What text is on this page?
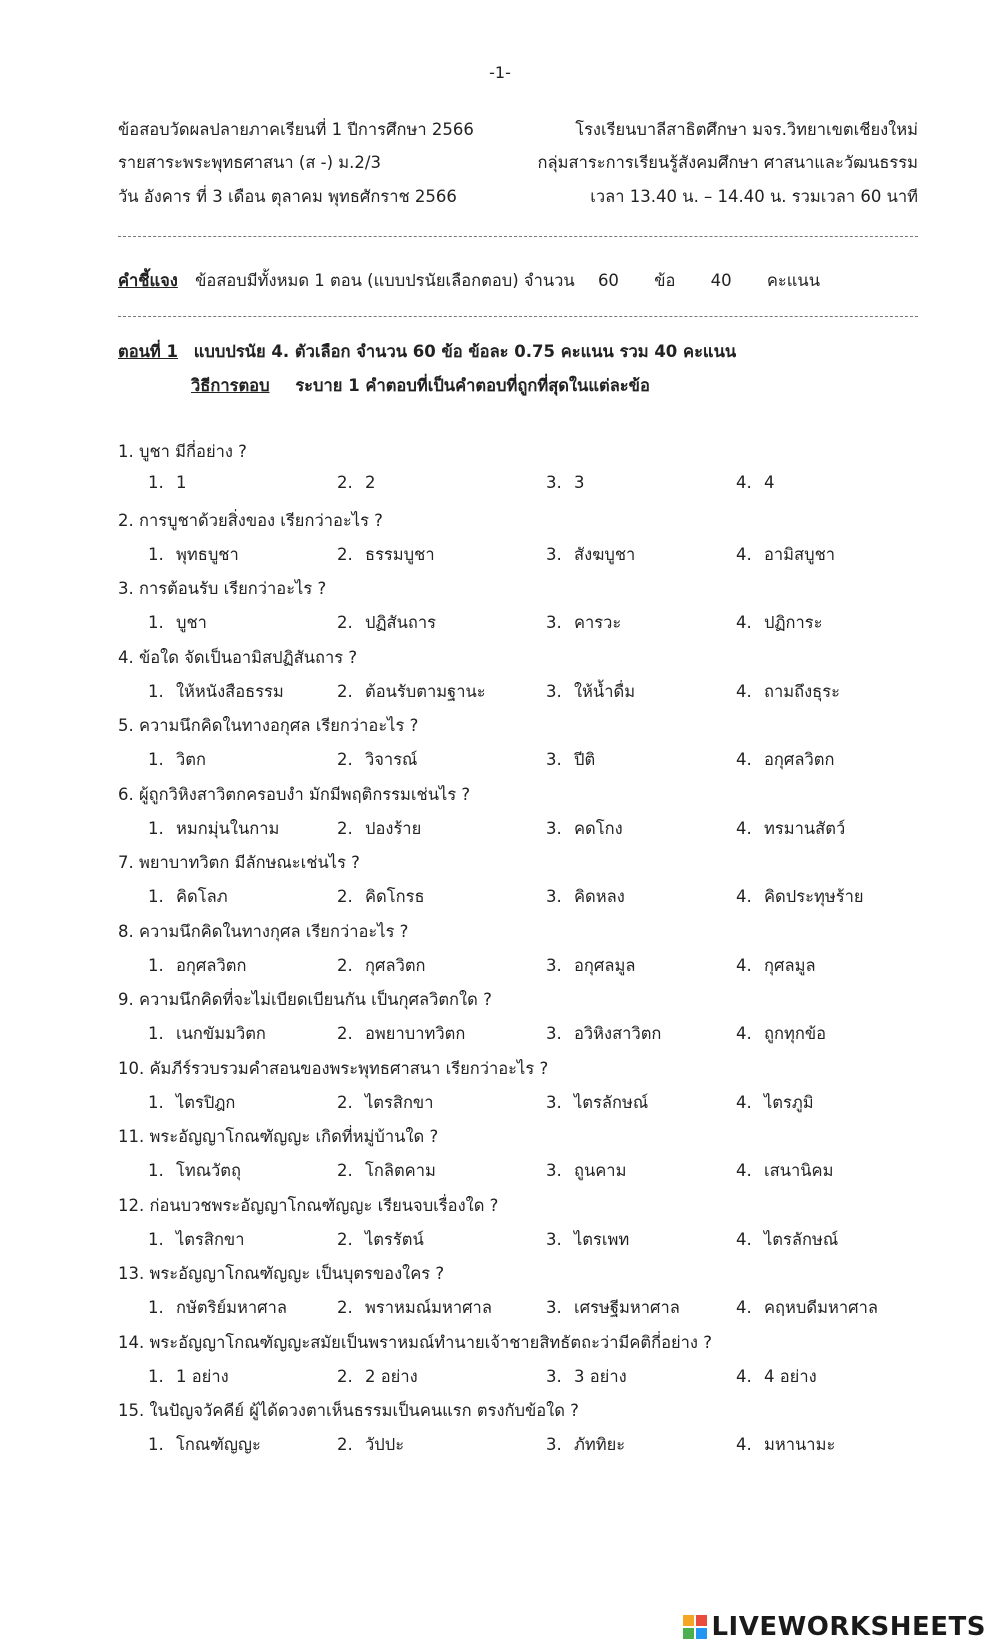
-1-
ข้อสอบวัดผลปลายภาคเรียนที่ 1 ปีการศึกษา 2566	โรงเรียนบาลีสาธิตศึกษา มจร.วิทยาเขตเชียงใหม่
รายสาระพระพุทธศาสนา (ส -) ม.2/3	กลุ่มสาระการเรียนรู้สังคมศึกษา ศาสนาและวัฒนธรรม
วัน อังคาร ที่ 3 เดือน ตุลาคม พุทธศักราช 2566	เวลา 13.40 น. – 14.40 น. รวมเวลา 60 นาที
คำชี้แจง ข้อสอบมีทั้งหมด 1 ตอน (แบบปรนัยเลือกตอบ) จำนวน 60 ข้อ 40 คะแนน
ตอนที่ 1 แบบปรนัย 4. ตัวเลือก จำนวน 60 ข้อ ข้อละ 0.75 คะแนน รวม 40 คะแนน
วิธีการตอบ ระบาย 1 คำตอบที่เป็นคำตอบที่ถูกที่สุดในแต่ละข้อ
1. บูชา มีกี่อย่าง ?
1. 1	2. 2	3. 3	4. 4
2. การบูชาด้วยสิ่งของ เรียกว่าอะไร ?
1. พุทธบูชา	2. ธรรมบูชา	3. สังฆบูชา	4. อามิสบูชา
3. การต้อนรับ เรียกว่าอะไร ?
1. บูชา	2. ปฏิสันถาร	3. คารวะ	4. ปฏิการะ
4. ข้อใด จัดเป็นอามิสปฏิสันถาร ?
1. ให้หนังสือธรรม	2. ต้อนรับตามฐานะ	3. ให้น้ำดื่ม	4. ถามถึงธุระ
5. ความนึกคิดในทางอกุศล เรียกว่าอะไร ?
1. วิตก	2. วิจารณ์	3. ปีติ	4. อกุศลวิตก
6. ผู้ถูกวิหิงสาวิตกครอบงำ มักมีพฤติกรรมเช่นไร ?
1. หมกมุ่นในกาม	2. ปองร้าย	3. คดโกง	4. ทรมานสัตว์
7. พยาบาทวิตก มีลักษณะเช่นไร ?
1. คิดโลภ	2. คิดโกรธ	3. คิดหลง	4. คิดประทุษร้าย
8. ความนึกคิดในทางกุศล เรียกว่าอะไร ?
1. อกุศลวิตก	2. กุศลวิตก	3. อกุศลมูล	4. กุศลมูล
9. ความนึกคิดที่จะไม่เบียดเบียนกัน เป็นกุศลวิตกใด ?
1. เนกขัมมวิตก	2. อพยาบาทวิตก	3. อวิหิงสาวิตก	4. ถูกทุกข้อ
10. คัมภีร์รวบรวมคำสอนของพระพุทธศาสนา เรียกว่าอะไร ?
1. ไตรปิฎก	2. ไตรสิกขา	3. ไตรลักษณ์	4. ไตรภูมิ
11. พระอัญญาโกณฑัญญะ เกิดที่หมู่บ้านใด ?
1. โทณวัตถุ	2. โกลิตคาม	3. ถูนคาม	4. เสนานิคม
12. ก่อนบวชพระอัญญาโกณฑัญญะ เรียนจบเรื่องใด ?
1. ไตรสิกขา	2. ไตรรัตน์	3. ไตรเพท	4. ไตรลักษณ์
13. พระอัญญาโกณฑัญญะ เป็นบุตรของใคร ?
1. กษัตริย์มหาศาล	2. พราหมณ์มหาศาล	3. เศรษฐีมหาศาล	4. คฤหบดีมหาศาล
14. พระอัญญาโกณฑัญญะสมัยเป็นพราหมณ์ทำนายเจ้าชายสิทธัตถะว่ามีคติกี่อย่าง ?
1. 1 อย่าง	2. 2 อย่าง	3. 3 อย่าง	4. 4 อย่าง
15. ในปัญจวัคคีย์ ผู้ได้ดวงตาเห็นธรรมเป็นคนแรก ตรงกับข้อใด ?
1. โกณฑัญญะ	2. วัปปะ	3. ภัททิยะ	4. มหานามะ
LIVEWORKSHEETS
